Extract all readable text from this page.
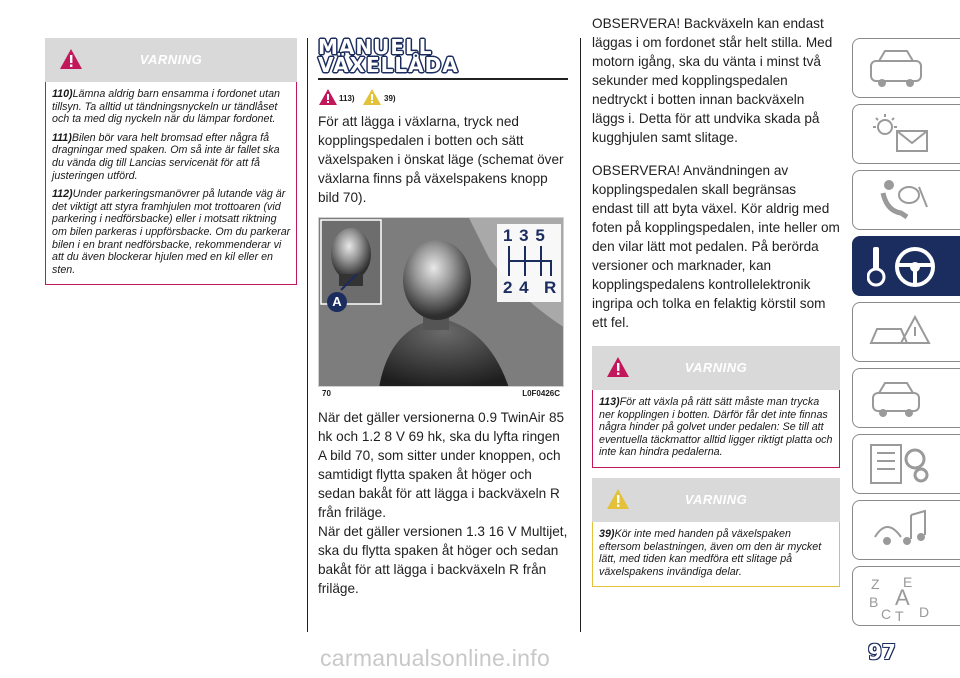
VARNING

110)Lämna aldrig barn ensamma i fordonet utan tillsyn. Ta alltid ut tändningsnyckeln ur tändlåset och ta med dig nyckeln när du lämpar fordonet.

111)Bilen bör vara helt bromsad efter några få dragningar med spaken. Om så inte är fallet ska du vända dig till Lancias servicenät för att få justeringen utförd.

112)Under parkeringsmanövrer på lutande väg är det viktigt att styra framhjulen mot trottoaren (vid parkering i nedförsbacke) eller i motsatt riktning om bilen parkeras i uppförsbacke. Om du parkerar bilen i en brant nedförsbacke, rekommenderar vi att du även blockerar hjulen med en kil eller en sten.

MANUELL
VÄXELLÅDA
113)	39)
För att lägga i växlarna, tryck ned kopplingspedalen i botten och sätt växelspaken i önskat läge (schemat över växlarna finns på växelspakens knopp bild 70).
A
1 3 5
2 4 R
70	L0F0426C
När det gäller versionerna 0.9 TwinAir 85 hk och 1.2 8 V 69 hk, ska du lyfta ringen A bild 70, som sitter under knoppen, och samtidigt flytta spaken åt höger och sedan bakåt för att lägga i backväxeln R från friläge.
När det gäller versionen 1.3 16 V Multijet, ska du flytta spaken åt höger och sedan bakåt för att lägga i backväxeln R från friläge.
OBSERVERA! Backväxeln kan endast läggas i om fordonet står helt stilla. Med motorn igång, ska du vänta i minst två sekunder med kopplingspedalen nedtryckt i botten innan backväxeln läggs i. Detta för att undvika skada på kugghjulen samt slitage.
OBSERVERA! Användningen av kopplingspedalen skall begränsas endast till att byta växel. Kör aldrig med foten på kopplingspedalen, inte heller om den vilar lätt mot pedalen. På berörda versioner och marknader, kan kopplingspedalens kontrollelektronik ingripa och tolka en felaktig körstil som ett fel.
VARNING

113)För att växla på rätt sätt måste man trycka ner kopplingen i botten. Därför får det inte finnas några hinder på golvet under pedalen: Se till att eventuella täckmattor alltid ligger riktigt platta och inte kan hindra pedalerna.

VARNING

39)Kör inte med handen på växelspaken eftersom belastningen, även om den är mycket lätt, med tiden kan medföra ett slitage på växelspakens invändiga delar.

Z E
B A
C D
T
carmanualsonline.info	97
